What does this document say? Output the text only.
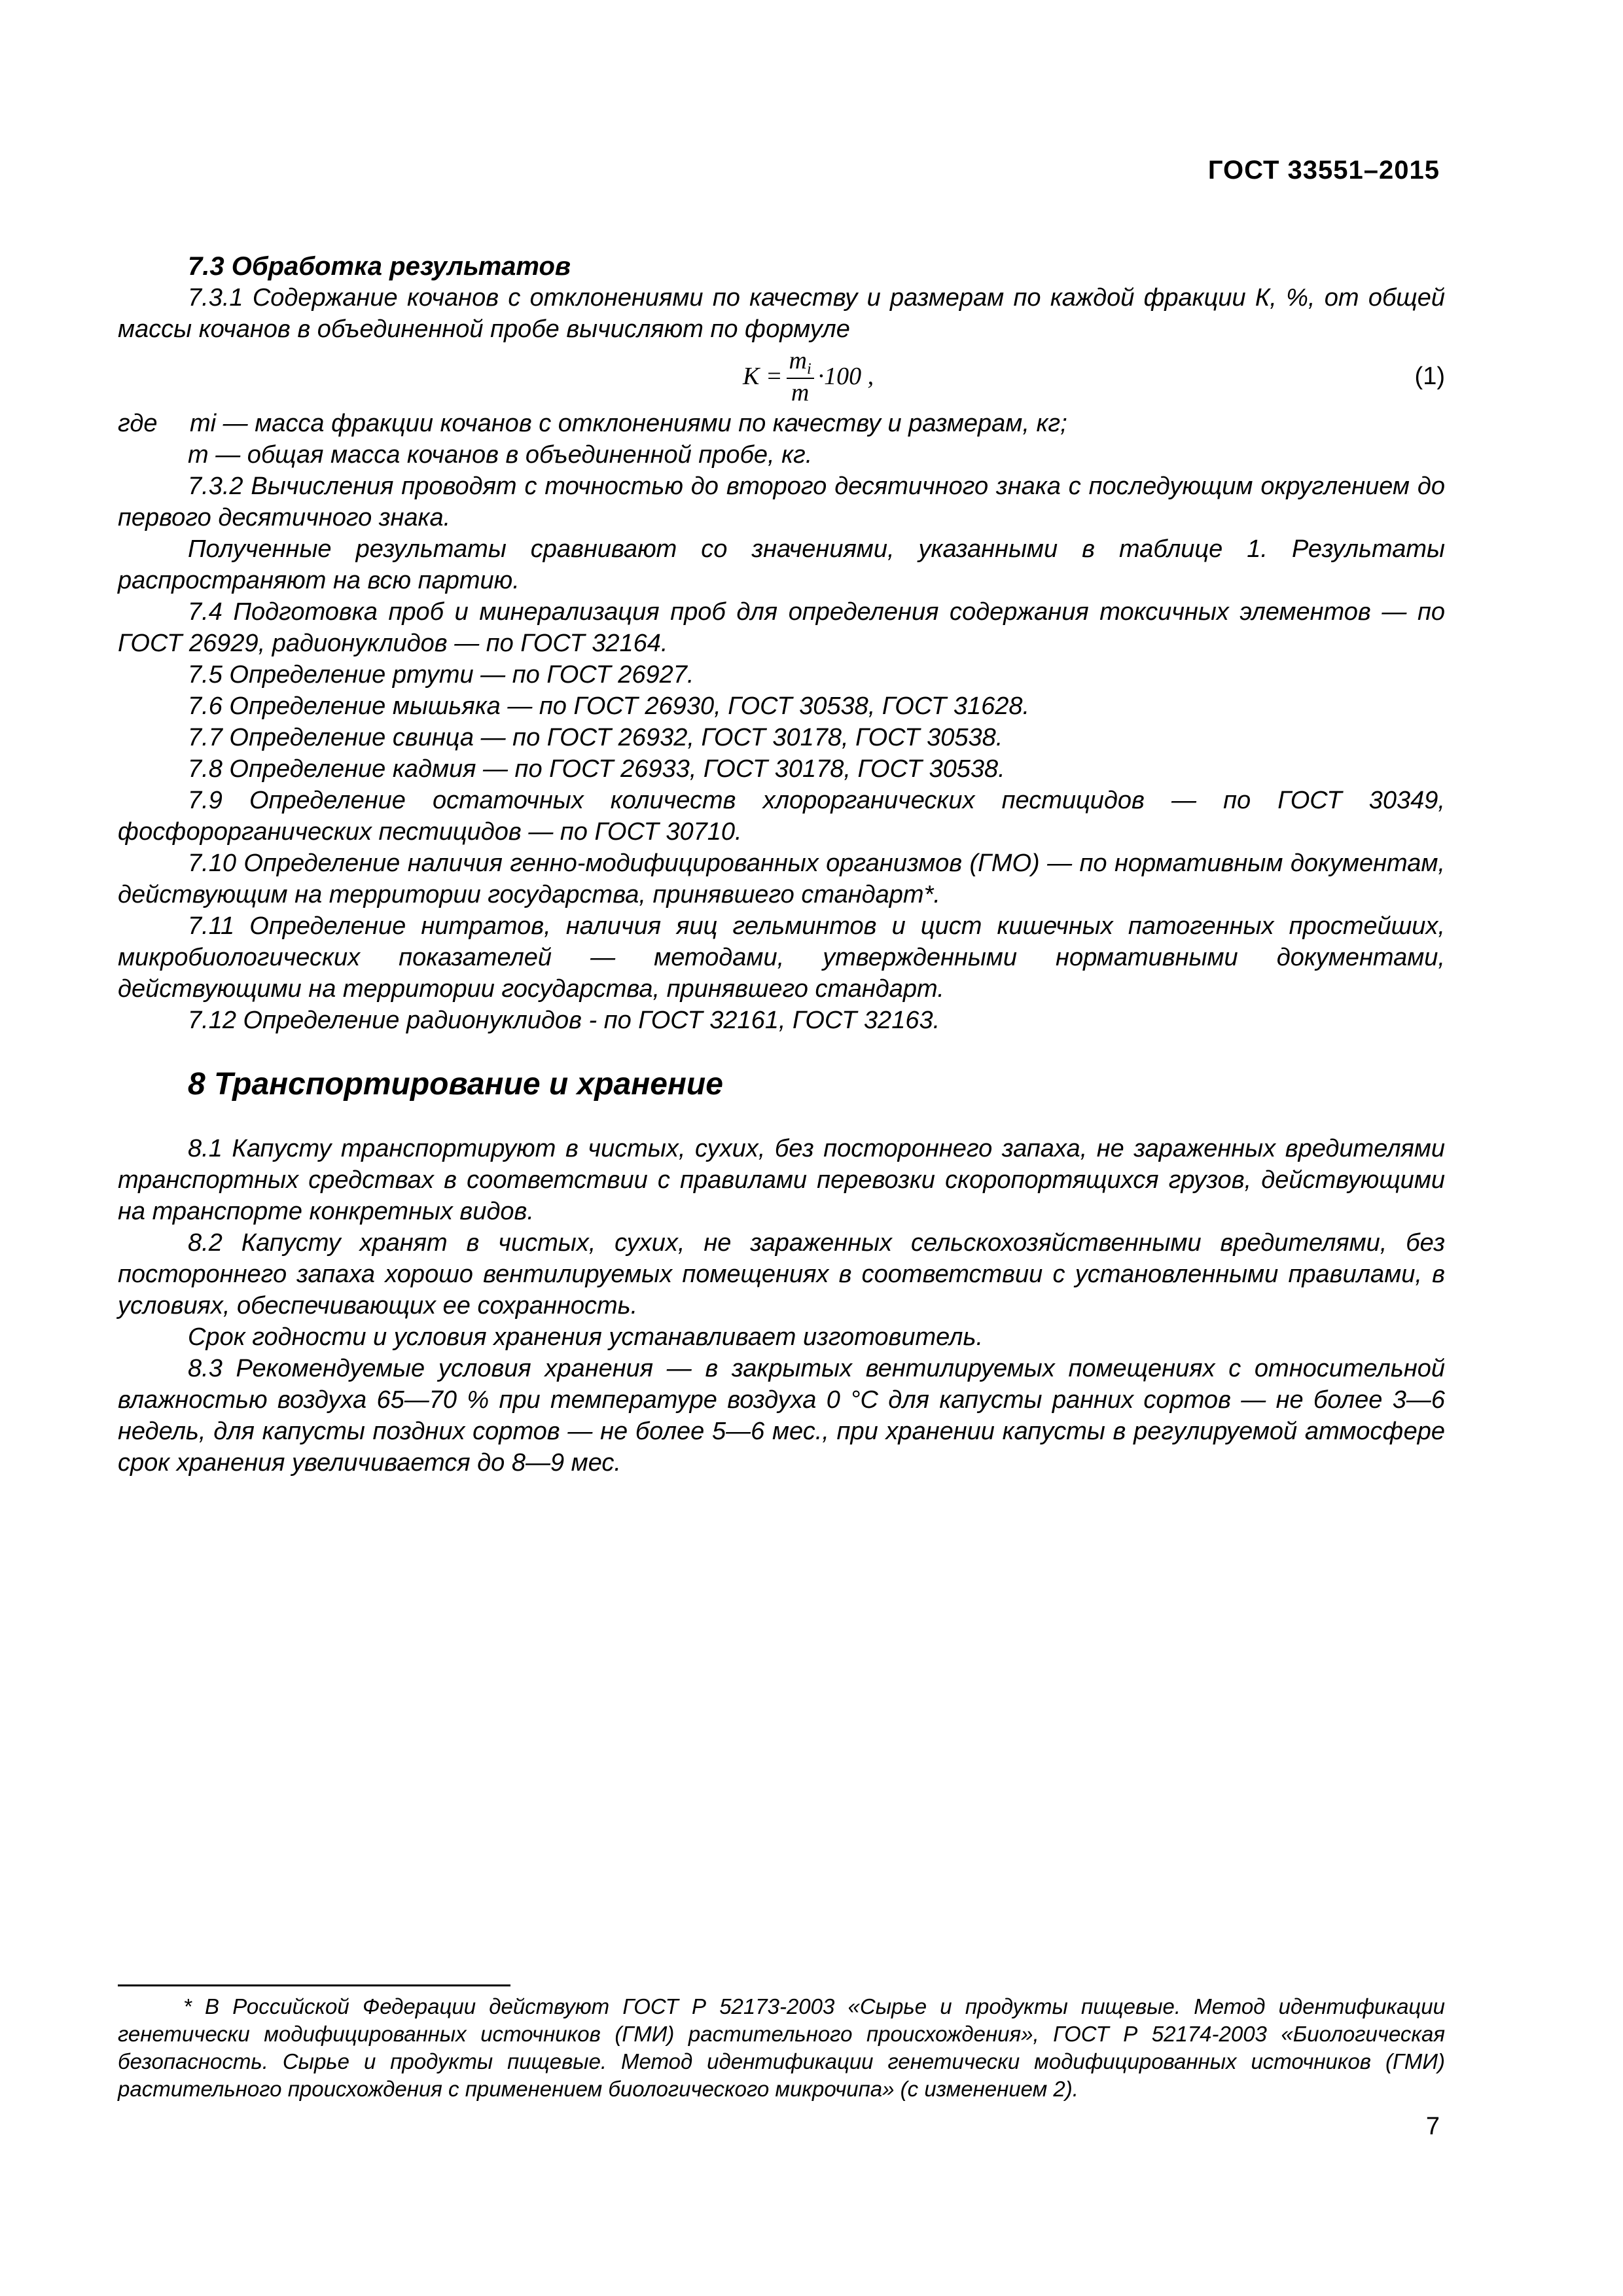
ГОСТ 33551–2015
7.3 Обработка результатов

7.3.1 Содержание кочанов с отклонениями по качеству и размерам по каждой фракции К, %, от общей массы кочанов в объединенной пробе вычисляют по формуле

$K = \frac{m_i}{m} \cdot 100$ ,	(1)
где	mi — масса фракции кочанов с отклонениями по качеству и размерам, кг;
m — общая масса кочанов в объединенной пробе, кг.

7.3.2 Вычисления проводят с точностью до второго десятичного знака с последующим округлением до первого десятичного знака.

Полученные результаты сравнивают со значениями, указанными в таблице 1. Результаты распространяют на всю партию.

7.4 Подготовка проб и минерализация проб для определения содержания токсичных элементов — по ГОСТ 26929, радионуклидов — по ГОСТ 32164.

7.5 Определение ртути — по ГОСТ 26927.

7.6 Определение мышьяка — по ГОСТ 26930, ГОСТ 30538, ГОСТ 31628.

7.7 Определение свинца — по ГОСТ 26932, ГОСТ 30178, ГОСТ 30538.

7.8 Определение кадмия — по ГОСТ 26933, ГОСТ 30178, ГОСТ 30538.

7.9 Определение остаточных количеств хлорорганических пестицидов — по ГОСТ 30349, фосфорорганических пестицидов — по ГОСТ 30710.

7.10 Определение наличия генно-модифицированных организмов (ГМО) — по нормативным документам, действующим на территории государства, принявшего стандарт*.

7.11 Определение нитратов, наличия яиц гельминтов и цист кишечных патогенных простейших, микробиологических показателей — методами, утвержденными нормативными документами, действующими на территории государства, принявшего стандарт.

7.12 Определение радионуклидов - по ГОСТ 32161, ГОСТ 32163.

8 Транспортирование и хранение

8.1 Капусту транспортируют в чистых, сухих, без постороннего запаха, не зараженных вредителями транспортных средствах в соответствии с правилами перевозки скоропортящихся грузов, действующими на транспорте конкретных видов.

8.2 Капусту хранят в чистых, сухих, не зараженных сельскохозяйственными вредителями, без постороннего запаха хорошо вентилируемых помещениях в соответствии с установленными правилами, в условиях, обеспечивающих ее сохранность.

Срок годности и условия хранения устанавливает изготовитель.

8.3 Рекомендуемые условия хранения — в закрытых вентилируемых помещениях с относительной влажностью воздуха 65—70 % при температуре воздуха 0 °С для капусты ранних сортов — не более 3—6 недель, для капусты поздних сортов — не более 5—6 мес., при хранении капусты в регулируемой атмосфере срок хранения увеличивается до 8—9 мес.

* В Российской Федерации действуют ГОСТ Р 52173-2003 «Сырье и продукты пищевые. Метод идентификации генетически модифицированных источников (ГМИ) растительного происхождения», ГОСТ Р 52174-2003 «Биологическая безопасность. Сырье и продукты пищевые. Метод идентификации генетически модифицированных источников (ГМИ) растительного происхождения с применением биологического микрочипа» (с изменением 2).
7
